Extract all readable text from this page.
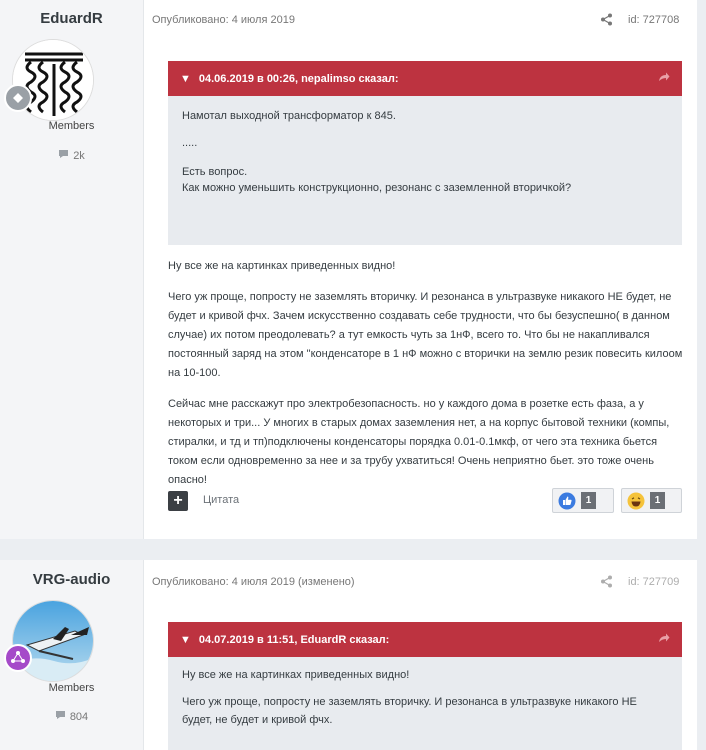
EduardR
Members
2k
Опубликовано: 4 июля 2019	id: 727708
▼ 04.06.2019 в 00:26, nepalimso сказал:

Намотал выходной трансформатор к 845.

.....

Есть вопрос.

Как можно уменьшить конструкционно, резонанс с заземленной вторичкой?

Ну все же на картинках приведенных видно!

Чего уж проще, попросту не заземлять вторичку. И резонанса в ультразвуке никакого НЕ будет, не будет и кривой фчх. Зачем искусственно создавать себе трудности, что бы безуспешно( в данном случае) их потом преодолевать? а тут емкость чуть за 1нФ, всего то. Что бы не накапливался постоянный заряд на этом "конденсаторе в 1 нФ можно с вторички на землю резик повесить килоом на 10-100.

Сейчас мне расскажут про электробезопасность. но у каждого дома в розетке есть фаза, а у некоторых и три... У многих в старых домах заземления нет, а на корпус бытовой техники (компы, стиралки, и тд и тп)подключены конденсаторы порядка 0.01-0.1мкф, от чего эта техника бьется током если одновременно за нее и за трубу ухватиться! Очень неприятно бьет. это тоже очень опасно!

+	Цитата	1	1
VRG-audio
Members
804
Опубликовано: 4 июля 2019 (изменено)	id: 727709
▼ 04.07.2019 в 11:51, EduardR сказал:

Ну все же на картинках приведенных видно!

Чего уж проще, попросту не заземлять вторичку. И резонанса в ультразвуке никакого НЕ будет, не будет и кривой фчх.
